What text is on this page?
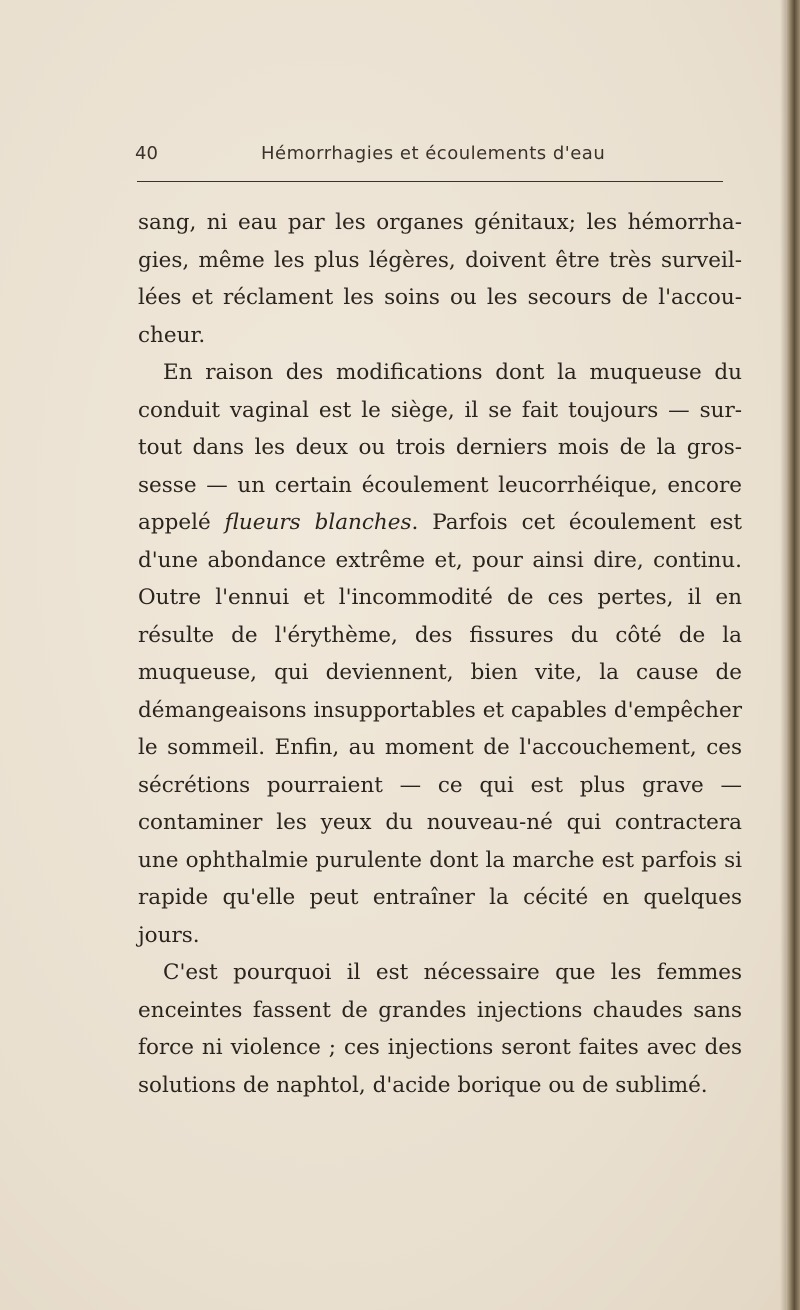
40	Hémorrhagies et écoulements d'eau

sang, ni eau par les organes génitaux; les hémorrha-gies, même les plus légères, doivent être très surveil-lées et réclament les soins ou les secours de l'accou-cheur.

En raison des modifications dont la muqueuse du conduit vaginal est le siège, il se fait toujours — sur-tout dans les deux ou trois derniers mois de la gros-sesse — un certain écoulement leucorrhéique, encore appelé flueurs blanches. Parfois cet écoulement est d'une abondance extrême et, pour ainsi dire, continu. Outre l'ennui et l'incommodité de ces pertes, il en résulte de l'érythème, des fissures du côté de la muqueuse, qui deviennent, bien vite, la cause de démangeaisons insupportables et capables d'empêcher le sommeil. Enfin, au moment de l'accouchement, ces sécrétions pourraient — ce qui est plus grave — contaminer les yeux du nouveau-né qui contractera une ophthalmie purulente dont la marche est parfois si rapide qu'elle peut entraîner la cécité en quelques jours.

C'est pourquoi il est nécessaire que les femmes enceintes fassent de grandes injections chaudes sans force ni violence ; ces injections seront faites avec des solutions de naphtol, d'acide borique ou de sublimé.
